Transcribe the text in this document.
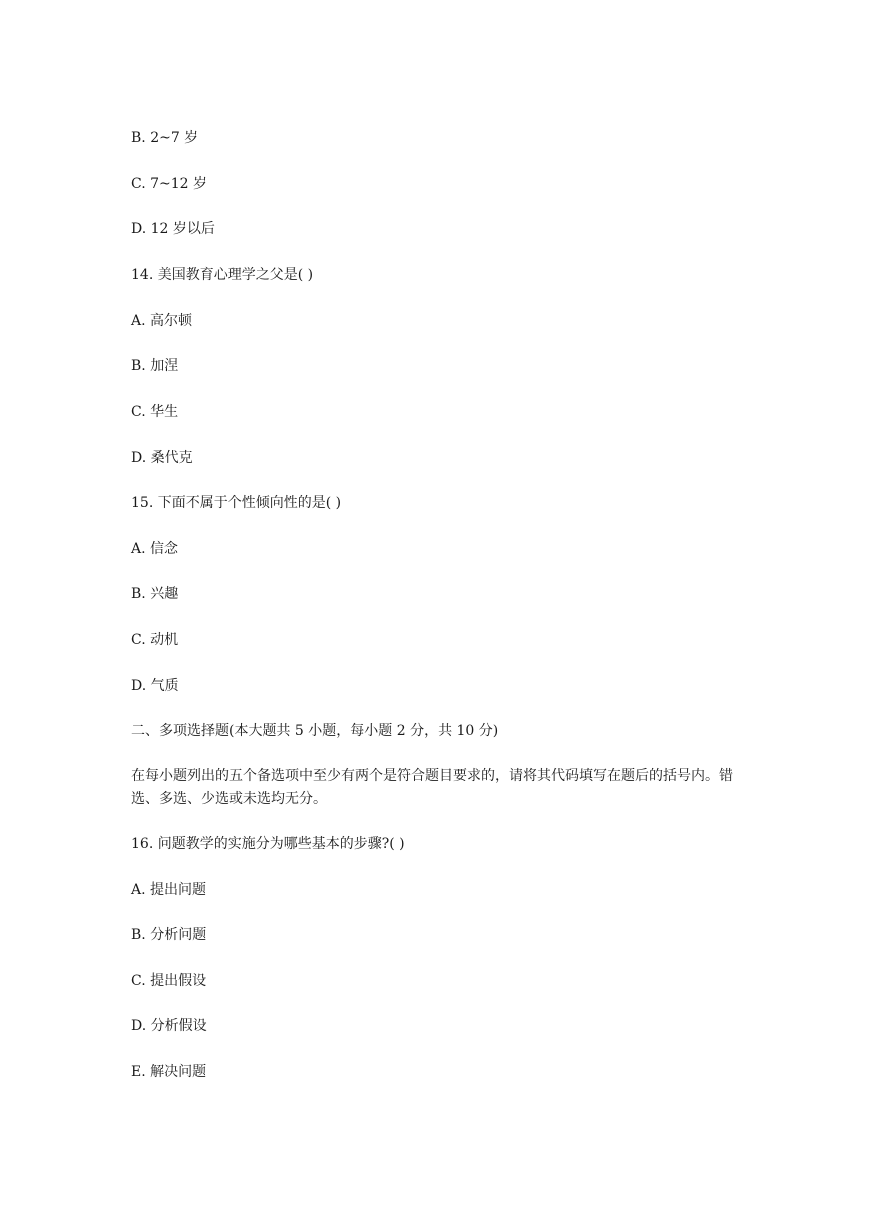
B. 2~7 岁
C. 7~12 岁
D. 12 岁以后
14. 美国教育心理学之父是( )
A. 高尔顿
B. 加涅
C. 华生
D. 桑代克
15. 下面不属于个性倾向性的是( )
A. 信念
B. 兴趣
C. 动机
D. 气质
二、多项选择题(本大题共 5 小题，每小题 2 分，共 10 分)
在每小题列出的五个备选项中至少有两个是符合题目要求的，请将其代码填写在题后的括号内。错选、多选、少选或未选均无分。
16. 问题教学的实施分为哪些基本的步骤?( )
A. 提出问题
B. 分析问题
C. 提出假设
D. 分析假设
E. 解决问题
